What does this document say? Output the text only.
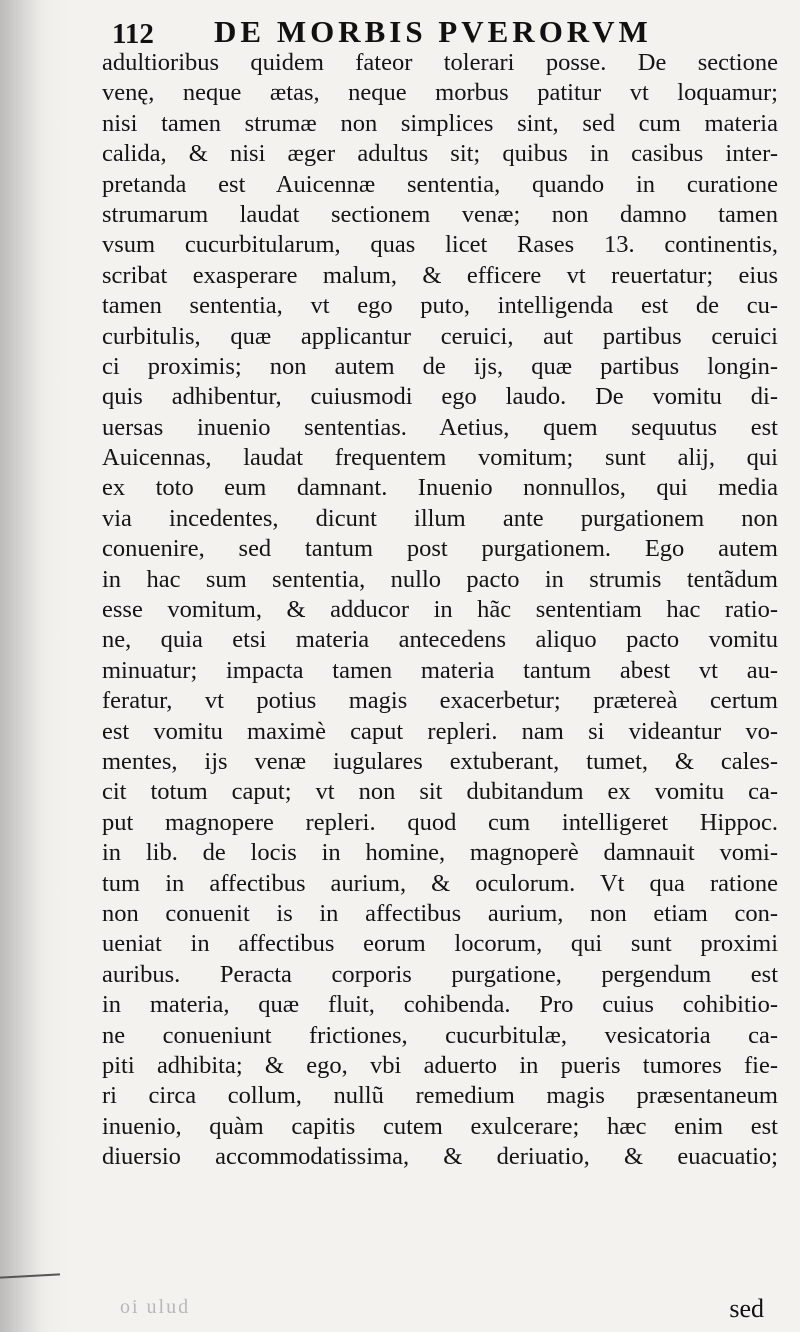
112 DE MORBIS PVERORVM
adultioribus quidem fateor tolerari posse. De sectione
venę, neque ætas, neque morbus patitur vt loquamur;
nisi tamen strumæ non simplices sint, sed cum materia
calida, & nisi æger adultus sit; quibus in casibus inter-
pretanda est Auicennæ sententia, quando in curatione
strumarum laudat sectionem venæ; non damno tamen
vsum cucurbitularum, quas licet Rases 13. continentis,
scribat exasperare malum, & efficere vt reuertatur; eius
tamen sententia, vt ego puto, intelligenda est de cu-
curbitulis, quæ applicantur ceruici, aut partibus ceruici
ci proximis; non autem de ijs, quæ partibus longin-
quis adhibentur, cuiusmodi ego laudo. De vomitu di-
uersas inuenio sententias. Aetius, quem sequutus est
Auicennas, laudat frequentem vomitum; sunt alij, qui
ex toto eum damnant. Inuenio nonnullos, qui media
via incedentes, dicunt illum ante purgationem non
conuenire, sed tantum post purgationem. Ego autem
in hac sum sententia, nullo pacto in strumis tentãdum
esse vomitum, & adducor in hãc sententiam hac ratio-
ne, quia etsi materia antecedens aliquo pacto vomitu
minuatur; impacta tamen materia tantum abest vt au-
feratur, vt potius magis exacerbetur; prætereà certum
est vomitu maximè caput repleri. nam si videantur vo-
mentes, ijs venæ iugulares extuberant, tumet, & cales-
cit totum caput; vt non sit dubitandum ex vomitu ca-
put magnopere repleri. quod cum intelligeret Hippoc.
in lib. de locis in homine, magnoperè damnauit vomi-
tum in affectibus aurium, & oculorum. Vt qua ratione
non conuenit is in affectibus aurium, non etiam con-
ueniat in affectibus eorum locorum, qui sunt proximi
auribus. Peracta corporis purgatione, pergendum est
in materia, quæ fluit, cohibenda. Pro cuius cohibitio-
ne conueniunt frictiones, cucurbitulæ, vesicatoria ca-
piti adhibita; & ego, vbi aduerto in pueris tumores fie-
ri circa collum, nullũ remedium magis præsentaneum
inuenio, quàm capitis cutem exulcerare; hæc enim est
diuersio accommodatissima, & deriuatio, & euacuatio;
oi ulud	sed
